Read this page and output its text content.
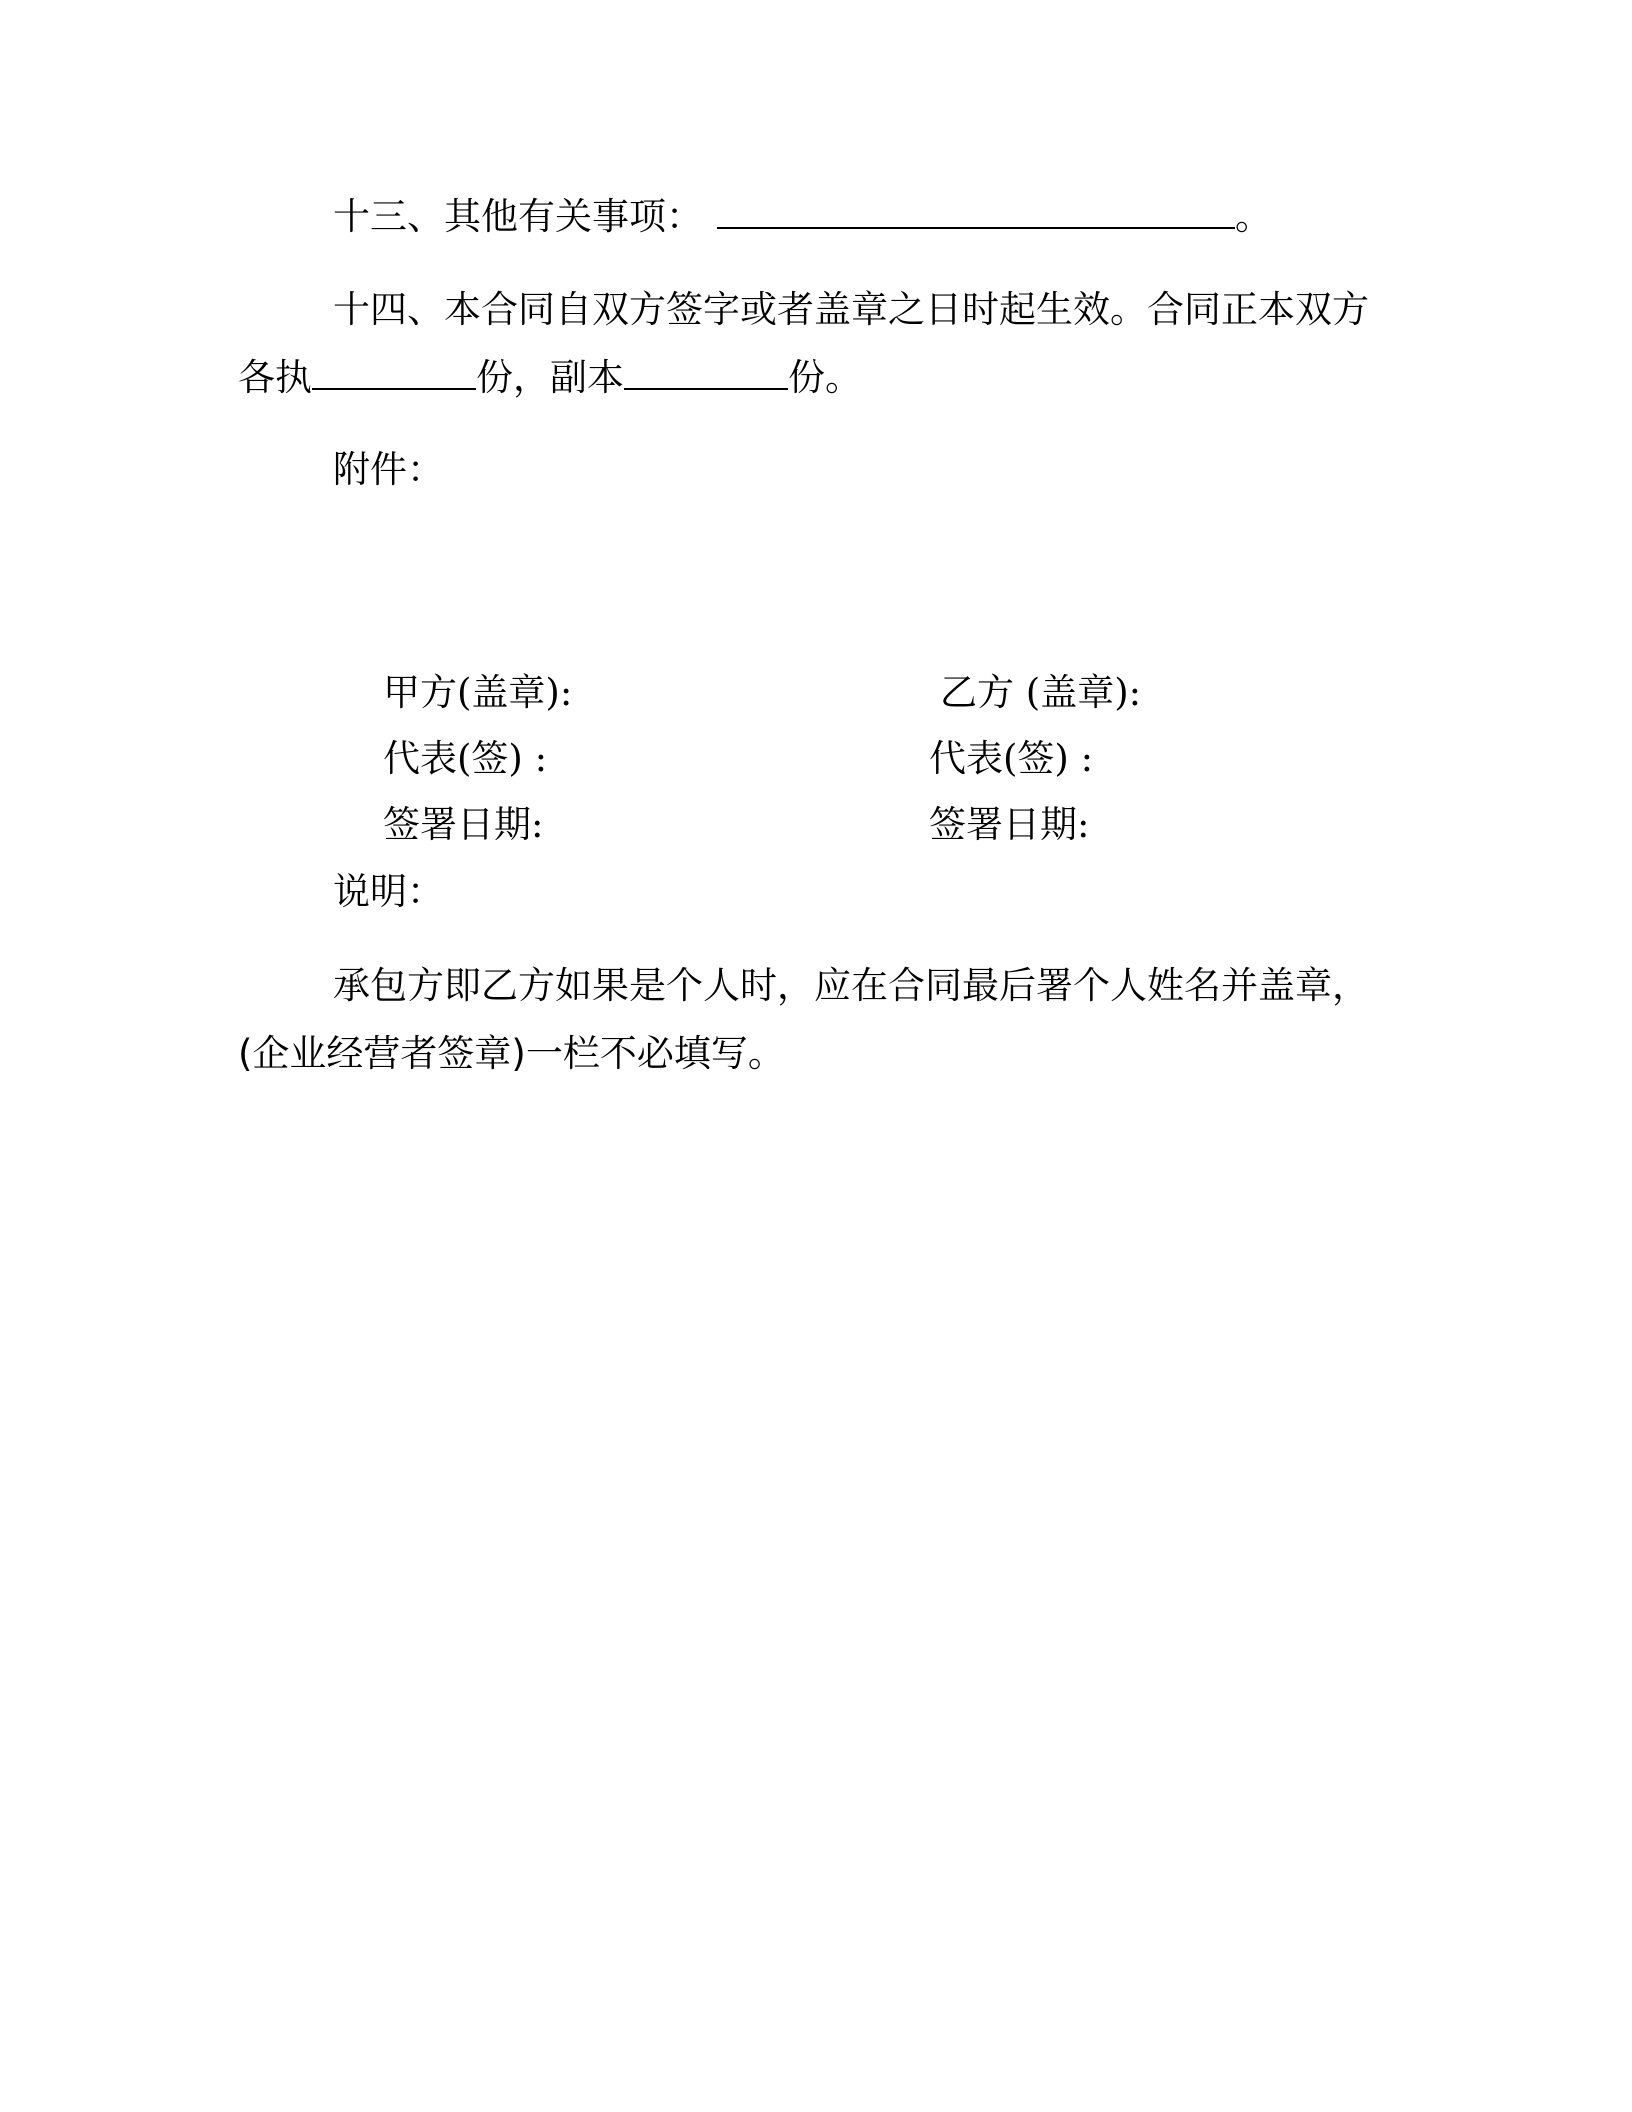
十三、其他有关事项：	。
十四、本合同自双方签字或者盖章之日时起生效。合同正本双方
各执	份，副本	份。
附件：
甲方(盖章):	乙方 (盖章):
代表(签) :	代表(签) :
签署日期:	签署日期:
说明：
承包方即乙方如果是个人时，应在合同最后署个人姓名并盖章，
(企业经营者签章)一栏不必填写。
